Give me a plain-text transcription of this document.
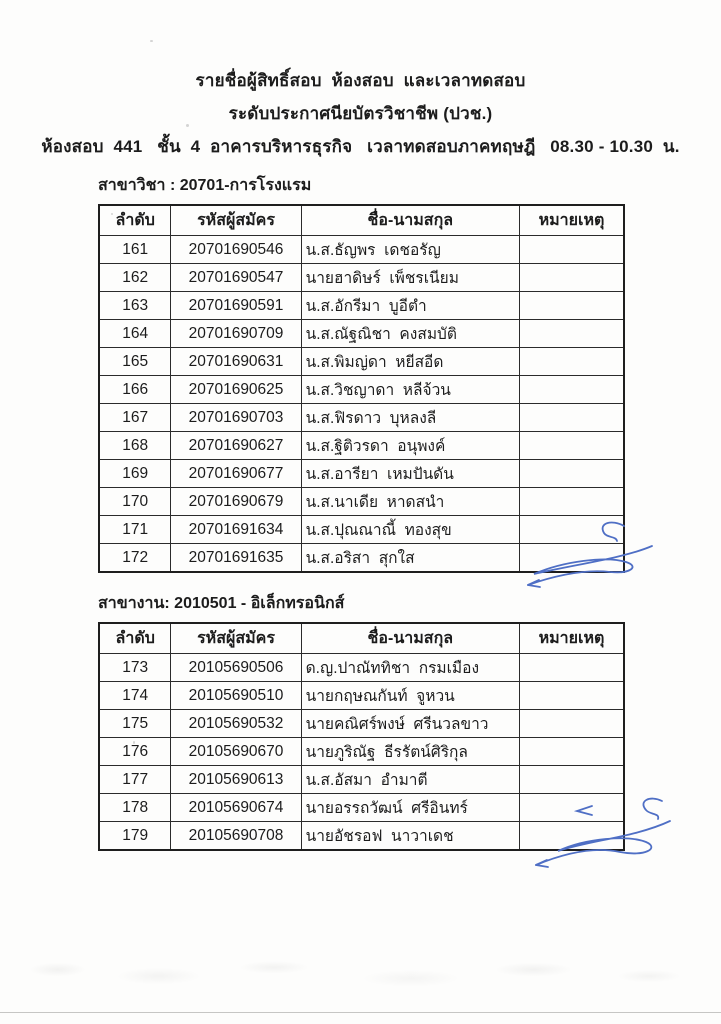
รายชื่อผู้สิทธิ์สอบ  ห้องสอบ  และเวลาทดสอบ
ระดับประกาศนียบัตรวิชาชีพ (ปวช.)
ห้องสอบ  441   ชั้น  4  อาคารบริหารธุรกิจ   เวลาทดสอบภาคทฤษฎี   08.30 - 10.30  น.
สาขาวิชา : 20701-การโรงแรม
ลำดับ	รหัสผู้สมัคร	ชื่อ-นามสกุล	หมายเหตุ
161	20701690546	น.ส.ธัญพร  เดชอรัญ	
162	20701690547	นายฮาดิษร์  เพ็ชรเนียม	
163	20701690591	น.ส.อักรีมา  บูอีตำ	
164	20701690709	น.ส.ณัฐณิชา  คงสมบัติ	
165	20701690631	น.ส.พิมญ่ดา  หยีสอีด	
166	20701690625	น.ส.วิชญาดา  หลีจ้วน	
167	20701690703	น.ส.ฟิรดาว  บุหลงลี	
168	20701690627	น.ส.ฐิติวรดา  อนุพงค์	
169	20701690677	น.ส.อารียา  เหมปันดัน	
170	20701690679	น.ส.นาเดีย  หาดสนำ	
171	20701691634	น.ส.ปุณณาณี้  ทองสุข	
172	20701691635	น.ส.อริสา  สุกใส	
สาขางาน: 2010501 - อิเล็กทรอนิกส์
ลำดับ	รหัสผู้สมัคร	ชื่อ-นามสกุล	หมายเหตุ
173	20105690506	ด.ญ.ปาณัททิชา  กรมเมือง	
174	20105690510	นายกฤษณกันท์  จูหวน	
175	20105690532	นายคณิศร์พงษ์  ศรีนวลขาว	
176	20105690670	นายภูริณัฐ  ธีรรัตน์ศิริกุล	
177	20105690613	น.ส.อัสมา  อำมาตี	
178	20105690674	นายอรรถวัฒน์  ศรีอินทร์	
179	20105690708	นายอัชรอฟ  นาวาเดช	
